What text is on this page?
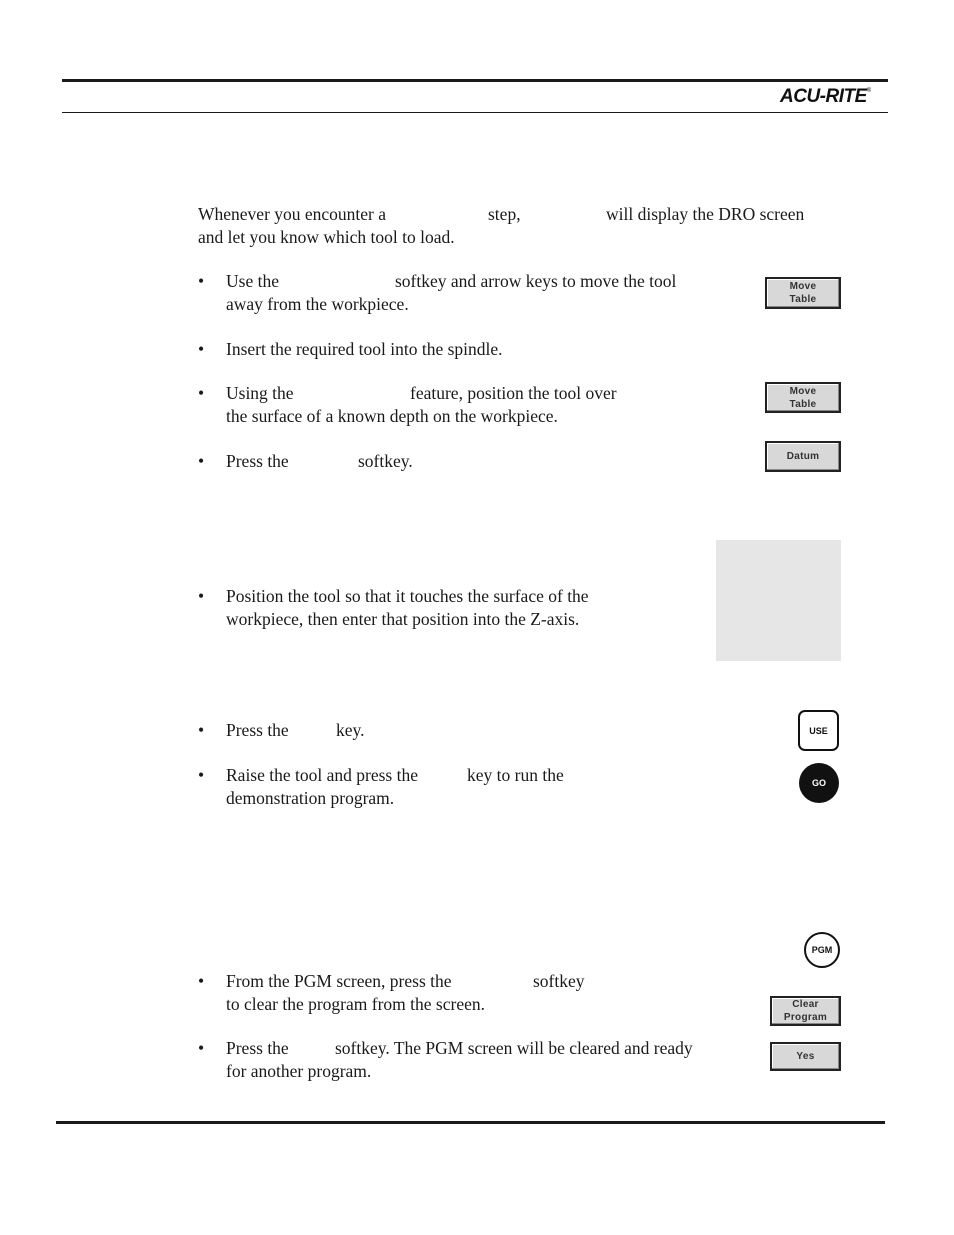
ACU-RITE®
Whenever you encounter a	step,	will display the DRO screen
and let you know which tool to load.
• Use the	softkey and arrow keys to move the tool
away from the workpiece.
Move
Table
• Insert the required tool into the spindle.
• Using the	feature, position the tool over
the surface of a known depth on the workpiece.
Move
Table
• Press the	softkey.	Datum
• Position the tool so that it touches the surface of the
workpiece, then enter that position into the Z-axis.
• Press the	key.	USE
• Raise the tool and press the	key to run the
demonstration program.
GO
PGM
• From the PGM screen, press the	softkey
to clear the program from the screen.	Clear
Program
• Press the	softkey. The PGM screen will be cleared and ready
for another program.
Yes
